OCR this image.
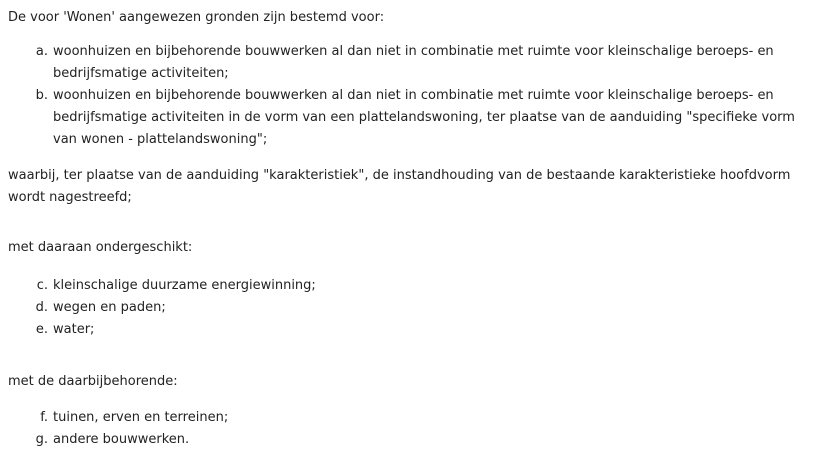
De voor 'Wonen' aangewezen gronden zijn bestemd voor:

a. woonhuizen en bijbehorende bouwwerken al dan niet in combinatie met ruimte voor kleinschalige beroeps- en bedrijfsmatige activiteiten;
b. woonhuizen en bijbehorende bouwwerken al dan niet in combinatie met ruimte voor kleinschalige beroeps- en bedrijfsmatige activiteiten in de vorm van een plattelandswoning, ter plaatse van de aanduiding "specifieke vorm van wonen - plattelandswoning";

waarbij, ter plaatse van de aanduiding "karakteristiek", de instandhouding van de bestaande karakteristieke hoofdvorm wordt nagestreefd;

met daaraan ondergeschikt:

c. kleinschalige duurzame energiewinning;
d. wegen en paden;
e. water;

met de daarbijbehorende:

f. tuinen, erven en terreinen;
g. andere bouwwerken.
